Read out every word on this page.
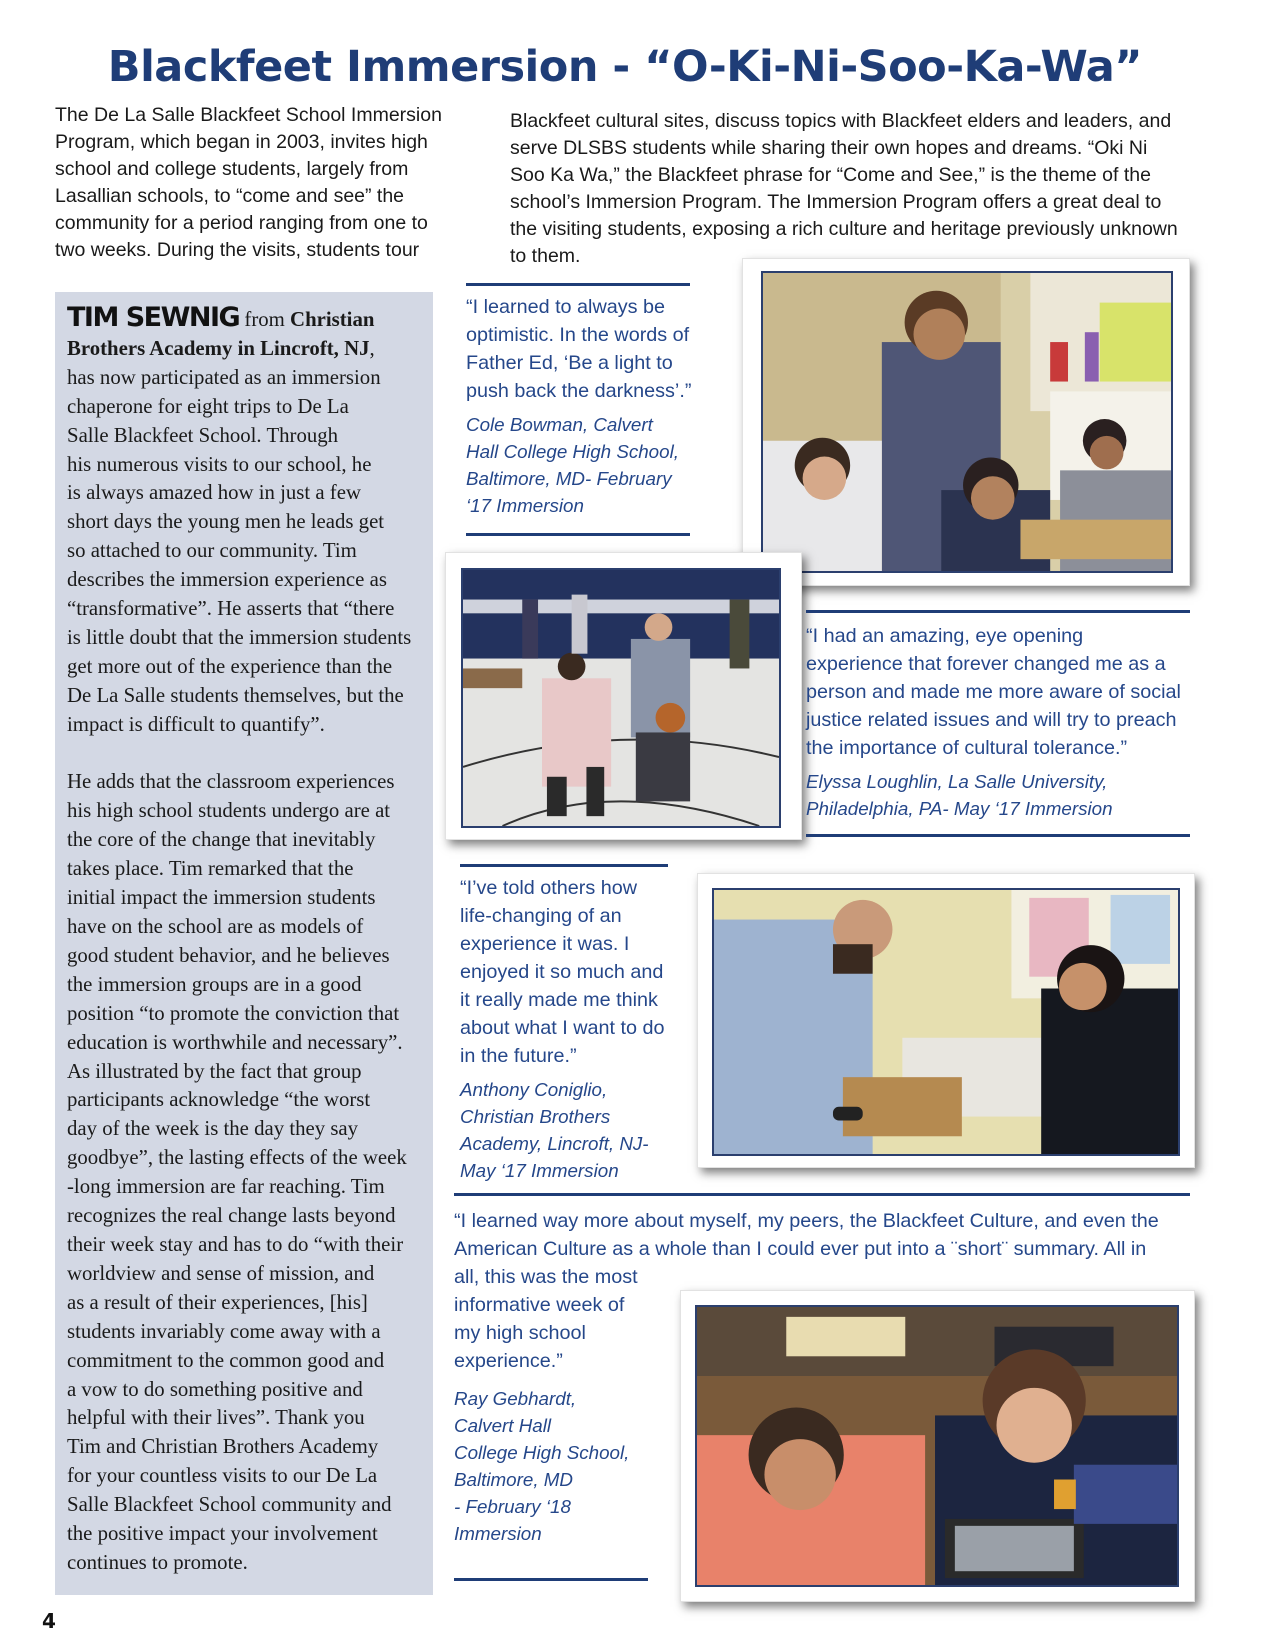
Blackfeet Immersion - “O-Ki-Ni-Soo-Ka-Wa”
The De La Salle Blackfeet School Immersion
Program, which began in 2003, invites high
school and college students, largely from
Lasallian schools, to “come and see” the
community for a period ranging from one to
two weeks. During the visits, students tour
Blackfeet cultural sites, discuss topics with Blackfeet elders and leaders, and
serve DLSBS students while sharing their own hopes and dreams. “Oki Ni
Soo Ka Wa,” the Blackfeet phrase for “Come and See,” is the theme of the
school’s Immersion Program. The Immersion Program offers a great deal to
the visiting students, exposing a rich culture and heritage previously unknown
to them.

TIM SEWNIG from Christian Brothers Academy in Lincroft, NJ,
has now participated as an immersion
chaperone for eight trips to De La
Salle Blackfeet School. Through
his numerous visits to our school, he
is always amazed how in just a few
short days the young men he leads get
so attached to our community. Tim
describes the immersion experience as
“transformative”. He asserts that “there
is little doubt that the immersion students
get more out of the experience than the
De La Salle students themselves, but the
impact is difficult to quantify”.

He adds that the classroom experiences
his high school students undergo are at
the core of the change that inevitably
takes place. Tim remarked that the
initial impact the immersion students
have on the school are as models of
good student behavior, and he believes
the immersion groups are in a good
position “to promote the conviction that
education is worthwhile and necessary”.
As illustrated by the fact that group
participants acknowledge “the worst
day of the week is the day they say
goodbye”, the lasting effects of the week
-long immersion are far reaching. Tim
recognizes the real change lasts beyond
their week stay and has to do “with their
worldview and sense of mission, and
as a result of their experiences, [his]
students invariably come away with a
commitment to the common good and
a vow to do something positive and
helpful with their lives”. Thank you
Tim and Christian Brothers Academy
for your countless visits to our De La
Salle Blackfeet School community and
the positive impact your involvement
continues to promote.

“I learned to always be
optimistic. In the words of
Father Ed, ‘Be a light to
push back the darkness’.”
Cole Bowman, Calvert
Hall College High School,
Baltimore, MD- February
‘17 Immersion
“I had an amazing, eye opening
experience that forever changed me as a
person and made me more aware of social
justice related issues and will try to preach
the importance of cultural tolerance.”
Elyssa Loughlin, La Salle University,
Philadelphia, PA- May ‘17 Immersion
“I’ve told others how
life-changing of an
experience it was. I
enjoyed it so much and
it really made me think
about what I want to do
in the future.”
Anthony Coniglio,
Christian Brothers
Academy, Lincroft, NJ-
May ‘17 Immersion
“I learned way more about myself, my peers, the Blackfeet Culture, and even the
American Culture as a whole than I could ever put into a ¨short¨ summary. All in
all, this was the most
informative week of
my high school
experience.”
Ray Gebhardt,
Calvert Hall
College High School,
Baltimore, MD
- February ‘18
Immersion
4
